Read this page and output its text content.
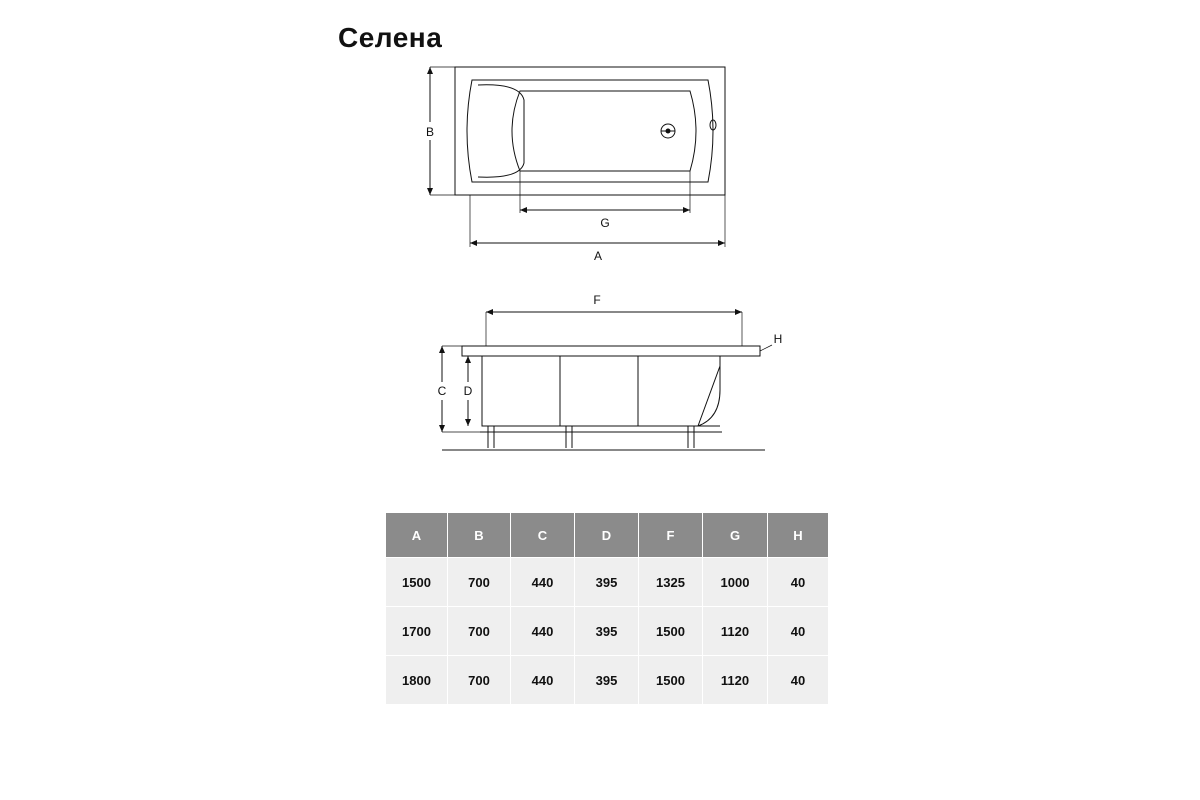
Селена
B
G
A
F
H
D
C
A	B	C	D	F	G	H
1500	700	440	395	1325	1000	40
1700	700	440	395	1500	1120	40
1800	700	440	395	1500	1120	40
